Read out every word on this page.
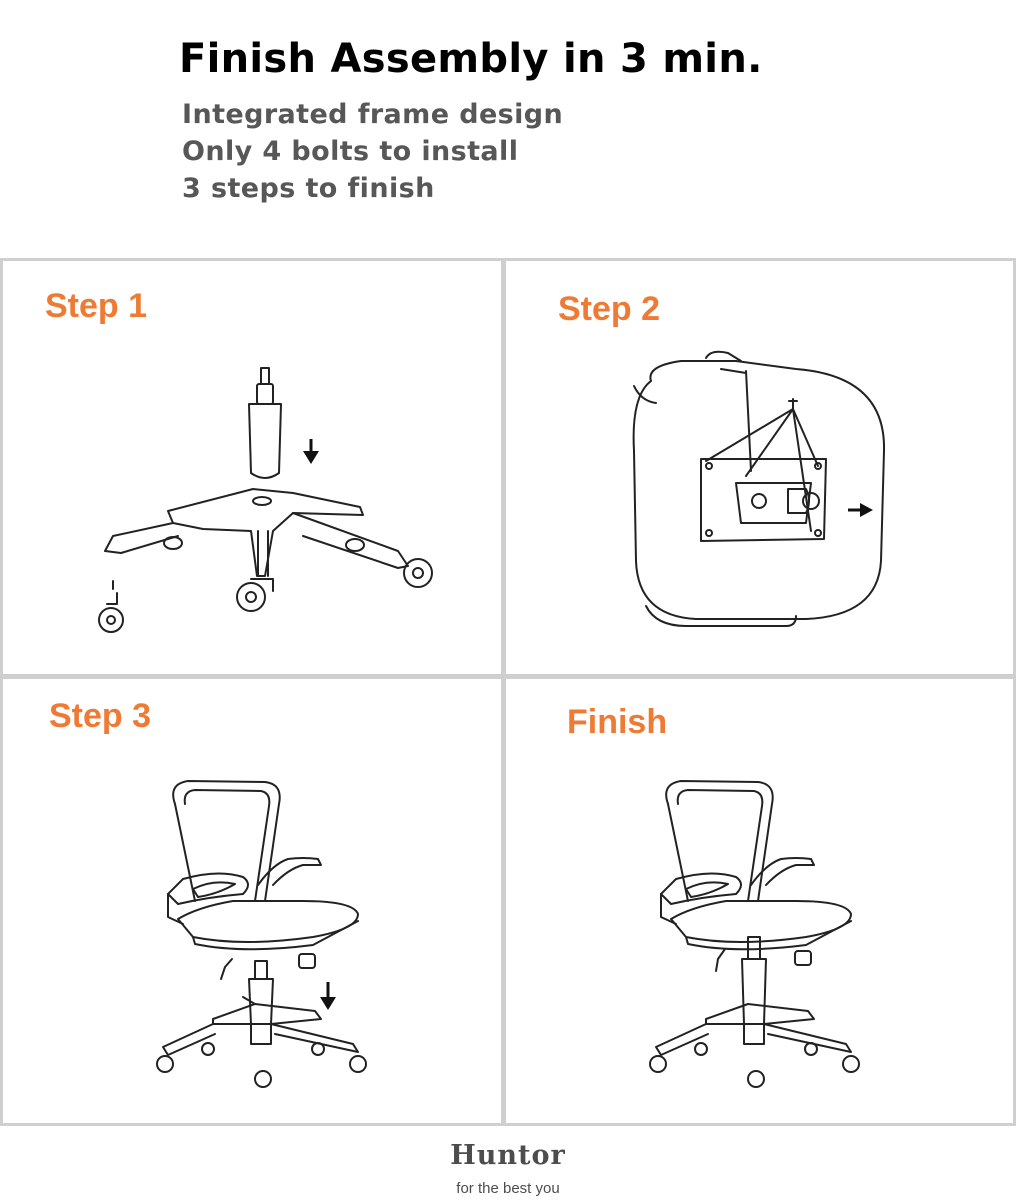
Finish Assembly in 3 min.
Integrated frame design
Only 4 bolts to install
3 steps to finish
Step 1	Step 2
Step 3	Finish
Huntor
for the best you
